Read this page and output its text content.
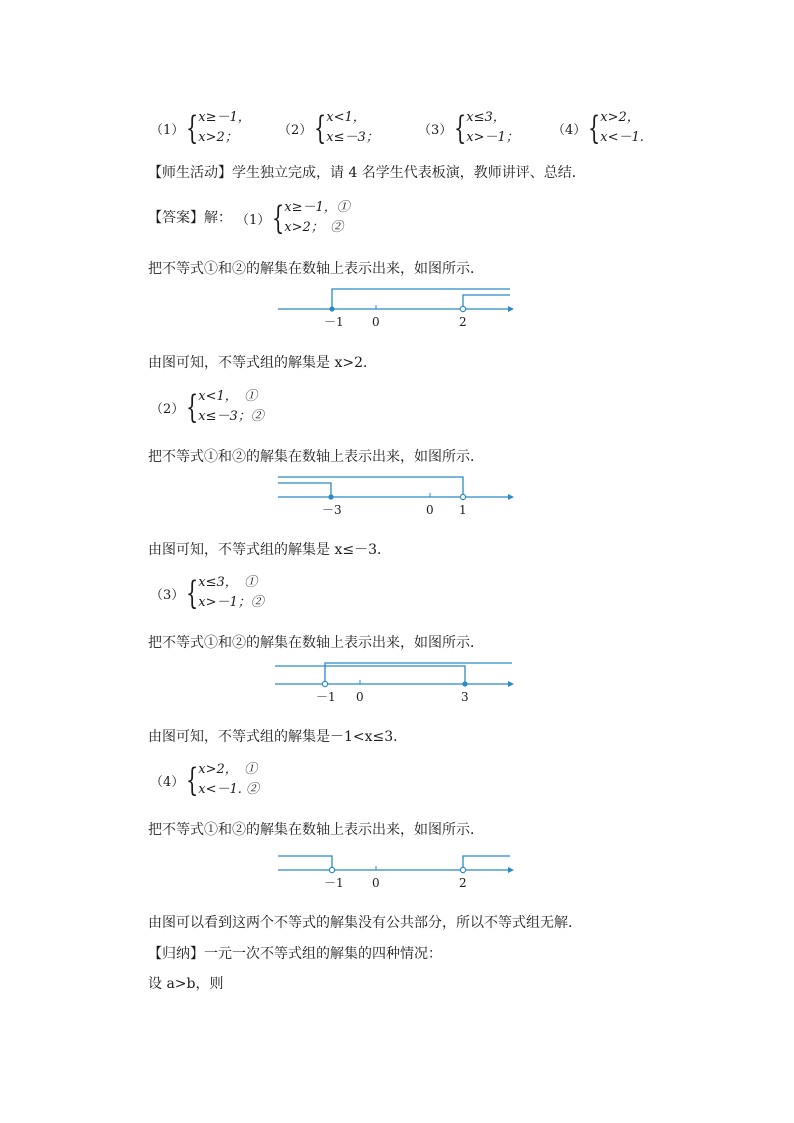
（1） { x≥－1，
x>2；	（2） { x<1，
x≤－3；	（3） { x≤3，
x>－1；	（4） { x>2，
x<－1.
【师生活动】学生独立完成，请 4 名学生代表板演，教师讲评、总结．
【答案】解： （1） { x≥－1，①
x>2；　②
把不等式①和②的解集在数轴上表示出来，如图所示．
－1 0	2
由图可知，不等式组的解集是 x>2．
（2） { x<1，　①
x≤－3；②
把不等式①和②的解集在数轴上表示出来，如图所示．
－3	0 1
由图可知，不等式组的解集是 x≤－3．
（3） { x≤3，　①
x>－1；②
把不等式①和②的解集在数轴上表示出来，如图所示．
－1 0	3
由图可知，不等式组的解集是－1<x≤3．
（4） { x>2，　①
x<－1. ②
把不等式①和②的解集在数轴上表示出来，如图所示．
－1 0	2
由图可以看到这两个不等式的解集没有公共部分，所以不等式组无解．
【归纳】一元一次不等式组的解集的四种情况：
设 a>b，则
